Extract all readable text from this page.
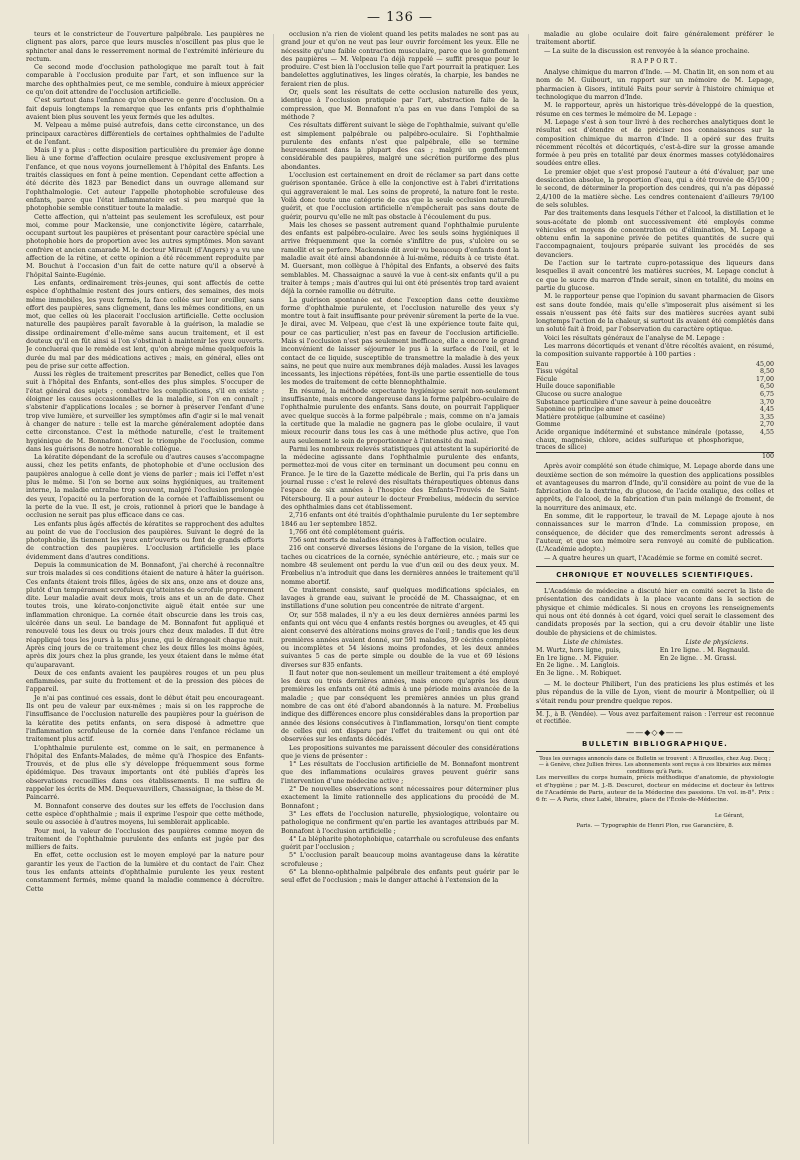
— 136 —

teurs et le constricteur de l'ouverture palpébrale. Les paupières ne clignent pas alors, parce que leurs muscles n'oscillent pas plus que le sphincter anal dans le resserrement normal de l'extrémité inférieure du rectum.

Ce second mode d'occlusion pathologique me paraît tout à fait comparable à l'occlusion produite par l'art, et son influence sur la marche des ophthalmies peut, ce me semble, conduire à mieux apprécier ce qu'on doit attendre de l'occlusion artificielle.

C'est surtout dans l'enfance qu'on observe ce genre d'occlusion. On a fait depuis longtemps la remarque que les enfants pris d'ophthalmie avaient bien plus souvent les yeux fermés que les adultes.

M. Velpeau a même puisé autrefois, dans cette circonstance, un des principaux caractères différentiels de certaines ophthalmies de l'adulte et de l'enfant.

Mais il y a plus : cette disposition particulière du premier âge donne lieu à une forme d'affection oculaire presque exclusivement propre à l'enfance, et que nous voyons journellement à l'hôpital des Enfants. Les traités classiques en font à peine mention. Cependant cette affection a été décrite dès 1823 par Benedict dans un ouvrage allemand sur l'ophthalmologie. Cet auteur l'appelle photophobie scrofuleuse des enfants, parce que l'état inflammatoire est si peu marqué que la photophobie semble constituer toute la maladie.

Cette affection, qui n'atteint pas seulement les scrofuleux, est pour moi, comme pour Mackensie, une conjonctivite légère, catarrhale, occupant surtout les paupières et présentant pour caractère spécial une photophobie hors de proportion avec les autres symptômes. Mon savant confrère et ancien camarade M. le docteur Mirault (d'Angers) y a vu une affection de la rétine, et cette opinion a été récemment reproduite par M. Bouchut à l'occasion d'un fait de cette nature qu'il a observé à l'hôpital Sainte-Eugénie.

Les enfants, ordinairement très-jeunes, qui sont affectés de cette espèce d'ophthalmie restent des jours entiers, des semaines, des mois même immobiles, les yeux fermés, la face collée sur leur oreiller, sans effort des paupières, sans clignement, dans les mêmes conditions, en un mot, que celles où les placerait l'occlusion artificielle. Cette occlusion naturelle des paupières paraît favorable à la guérison, la maladie se dissipe ordinairement d'elle-même sans aucun traitement, et il est douteux qu'il en fût ainsi si l'on s'obstinait à maintenir les yeux ouverts. Je concluerai que le remède est lent, qu'on abrège même quelquefois la durée du mal par des médications actives ; mais, en général, elles ont peu de prise sur cette affection.

Aussi les règles de traitement prescrites par Benedict, celles que l'on suit à l'hôpital des Enfants, sont-elles des plus simples. S'occuper de l'état général des sujets ; combattre les complications, s'il en existe ; éloigner les causes occasionnelles de la maladie, si l'on en connaît ; s'abstenir d'applications locales ; se borner à préserver l'enfant d'une trop vive lumière, et surveiller les symptômes afin d'agir si le mal venait à changer de nature : telle est la marche généralement adoptée dans cette circonstance. C'est la méthode naturelle, c'est le traitement hygiénique de M. Bonnafont. C'est le triomphe de l'occlusion, comme dans les guérisons de notre honorable collègue.

La kératite dépendant de la scrofule ou d'autres causes s'accompagne aussi, chez les petits enfants, de photophobie et d'une occlusion des paupières analogue à celle dont je viens de parler ; mais ici l'effet n'est plus le même. Si l'on se borne aux soins hygiéniques, au traitement interne, la maladie entraîne trop souvent, malgré l'occlusion prolongée des yeux, l'opacité ou la perforation de la cornée et l'affaiblissement ou la perte de la vue. Il est, je crois, rationnel à priori que le bandage à occlusion ne serait pas plus efficace dans ce cas.

Les enfants plus âgés affectés de kératites se rapprochent des adultes au point de vue de l'occlusion des paupières. Suivant le degré de la photophobie, ils tiennent les yeux entr'ouverts ou font de grands efforts de contraction des paupières. L'occlusion artificielle les place évidemment dans d'autres conditions.

Depuis la communication de M. Bonnafont, j'ai cherché à reconnaître sur trois malades si ces conditions étaient de nature à hâter la guérison. Ces enfants étaient trois filles, âgées de six ans, onze ans et douze ans, plutôt d'un tempérament scrofuleux qu'atteintes de scrofule proprement dite. Leur maladie avait deux mois, trois ans et un an de date. Chez toutes trois, une kérato-conjonctivite aiguë était entée sur une inflammation chronique. La cornée était obscurcie dans les trois cas, ulcérée dans un seul. Le bandage de M. Bonnafont fut appliqué et renouvelé tous les deux ou trois jours chez deux malades. Il dut être réappliqué tous les jours à la plus jeune, qui le dérangeait chaque nuit. Après cinq jours de ce traitement chez les deux filles les moins âgées, après dix jours chez la plus grande, les yeux étaient dans le même état qu'auparavant.

Deux de ces enfants avaient les paupières rouges et un peu plus enflammées, par suite du frottement et de la pression des pièces de l'appareil.

Je n'ai pas continué ces essais, dont le début était peu encourageant. Ils ont peu de valeur par eux-mêmes ; mais si on les rapproche de l'insuffisance de l'occlusion naturelle des paupières pour la guérison de la kératite des petits enfants, on sera disposé à admettre que l'inflammation scrofuleuse de la cornée dans l'enfance réclame un traitement plus actif.

L'ophthalmie purulente est, comme on le sait, en permanence à l'hôpital des Enfants-Malades, de même qu'à l'hospice des Enfants-Trouvés, et de plus elle s'y développe fréquemment sous forme épidémique. Des travaux importants ont été publiés d'après les observations recueillies dans ces établissements. Il me suffira de rappeler les écrits de MM. Dequevauvillers, Chassaignac, la thèse de M. Paincarré.

M. Bonnafont conserve des doutes sur les effets de l'occlusion dans cette espèce d'ophthalmie ; mais il exprime l'espoir que cette méthode, seule ou associée à d'autres moyens, lui semblerait applicable.

Pour moi, la valeur de l'occlusion des paupières comme moyen de traitement de l'ophthalmie purulente des enfants est jugée par des milliers de faits.

En effet, cette occlusion est le moyen employé par la nature pour garantir les yeux de l'action de la lumière et du contact de l'air. Chez tous les enfants atteints d'ophthalmie purulente les yeux restent constamment fermés, même quand la maladie commence à décroître. Cette

occlusion n'a rien de violent quand les petits malades ne sont pas au grand jour et qu'on ne veut pas leur ouvrir forcément les yeux. Elle ne nécessite qu'une faible contraction musculaire, parce que le gonflement des paupières — M. Velpeau l'a déjà rappelé — suffit presque pour le produire. C'est bien là l'occlusion telle que l'art pourrait la pratiquer. Les bandelettes agglutinatives, les linges cératés, la charpie, les bandes ne feraient rien de plus.

Or, quels sont les résultats de cette occlusion naturelle des yeux, identique à l'occlusion pratiquée par l'art, abstraction faite de la compression, que M. Bonnafont n'a pas en vue dans l'emploi de sa méthode ?

Ces résultats diffèrent suivant le siège de l'ophthalmie, suivant qu'elle est simplement palpébrale ou palpébro-oculaire. Si l'ophthalmie purulente des enfants n'est que palpébrale, elle se termine heureusement dans la plupart des cas ; malgré un gonflement considérable des paupières, malgré une sécrétion puriforme des plus abondantes.

L'occlusion est certainement en droit de réclamer sa part dans cette guérison spontanée. Grâce à elle la conjonctive est à l'abri d'irritations qui aggraveraient le mal. Les soins de propreté, la nature font le reste. Voilà donc toute une catégorie de cas que la seule occlusion naturelle guérit, et que l'occlusion artificielle n'empêcherait pas sans doute de guérir, pourvu qu'elle ne mît pas obstacle à l'écoulement du pus.

Mais les choses se passent autrement quand l'ophthalmie purulente des enfants est palpébro-oculaire. Avec les seuls soins hygiéniques il arrive fréquemment que la cornée s'infiltre de pus, s'ulcère ou se ramollit et se perfore. Mackensie dit avoir vu beaucoup d'enfants dont la maladie avait été ainsi abandonnée à lui-même, réduits à ce triste état. M. Guersant, mon collègue à l'hôpital des Enfants, a observé des faits semblables. M. Chassaignac a sauvé la vue à cent-six enfants qu'il a pu traiter à temps ; mais d'autres qui lui ont été présentés trop tard avaient déjà la cornée ramollie ou détruite.

La guérison spontanée est donc l'exception dans cette deuxième forme d'ophthalmie purulente, et l'occlusion naturelle des yeux s'y montre tout à fait insuffisante pour prévenir sûrement la perte de la vue. Je dirai, avec M. Velpeau, que c'est là une expérience toute faite qui, pour ce cas particulier, n'est pas en faveur de l'occlusion artificielle. Mais si l'occlusion n'est pas seulement inefficace, elle a encore le grand inconvénient de laisser séjourner le pus à la surface de l'œil, et le contact de ce liquide, susceptible de transmettre la maladie à des yeux sains, ne peut que nuire aux membranes déjà malades. Aussi les lavages incessants, les injections répétées, font-ils une partie essentielle de tous les modes de traitement de cette blennophthalmie.

En résumé, la méthode expectante hygiénique serait non-seulement insuffisante, mais encore dangereuse dans la forme palpébro-oculaire de l'ophthalmie purulente des enfants. Sans doute, on pourrait l'appliquer avec quelque succès à la forme palpébrale ; mais, comme on n'a jamais la certitude que la maladie ne gagnera pas le globe oculaire, il vaut mieux recourir dans tous les cas à une méthode plus active, que l'on aura seulement le soin de proportionner à l'intensité du mal.

Parmi les nombreux relevés statistiques qui attestent la supériorité de la médecine agissante dans l'ophthalmie purulente des enfants, permettez-moi de vous citer en terminant un document peu connu en France. Je le tire de la Gazette médicale de Berlin, qui l'a pris dans un journal russe : c'est le relevé des résultats thérapeutiques obtenus dans l'espace de six années à l'hospice des Enfants-Trouvés de Saint-Pétersbourg. Il a pour auteur le docteur Frœbelius, médecin du service des ophthalmies dans cet établissement.

2,716 enfants ont été traités d'ophthalmie purulente du 1er septembre 1846 au 1er septembre 1852.

1,766 ont été complétement guéris.

756 sont morts de maladies étrangères à l'affection oculaire.

216 ont conservé diverses lésions de l'organe de la vision, telles que taches ou cicatrices de la cornée, synéchie antérieure, etc. ; mais sur ce nombre 48 seulement ont perdu la vue d'un œil ou des deux yeux. M. Frœbelius n'a introduit que dans les dernières années le traitement qu'il nomme abortif.

Ce traitement consiste, sauf quelques modifications spéciales, en lavages à grande eau, suivant le procédé de M. Chassaignac, et en instillations d'une solution peu concentrée de nitrate d'argent.

Or, sur 558 malades, il n'y a eu les deux dernières années parmi les enfants qui ont vécu que 4 enfants restés borgnes ou aveugles, et 45 qui aient conservé des altérations moins graves de l'œil ; tandis que les deux premières années avaient donné, sur 591 malades, 39 cécités complètes ou incomplètes et 54 lésions moins profondes, et les deux années suivantes 5 cas de perte simple ou double de la vue et 69 lésions diverses sur 835 enfants.

Il faut noter que non-seulement un meilleur traitement a été employé les deux ou trois dernières années, mais encore qu'après les deux premières les enfants ont été admis à une période moins avancée de la maladie ; que par conséquent les premières années un plus grand nombre de cas ont été d'abord abandonnés à la nature. M. Frœbelius indique des différences encore plus considérables dans la proportion par année des lésions consécutives à l'inflammation, lorsqu'on tient compte de celles qui ont disparu par l'effet du traitement ou qui ont été observées sur les enfants décédés.

Les propositions suivantes me paraissent découler des considérations que je viens de présenter :

1° Les résultats de l'occlusion artificielle de M. Bonnafont montrent que des inflammations oculaires graves peuvent guérir sans l'intervention d'une médecine active ;

2° De nouvelles observations sont nécessaires pour déterminer plus exactement la limite rationnelle des applications du procédé de M. Bonnafont ;

3° Les effets de l'occlusion naturelle, physiologique, volontaire ou pathologique ne confirment qu'en partie les avantages attribués par M. Bonnafont à l'occlusion artificielle ;

4° La blépharite photophobique, catarrhale ou scrofuleuse des enfants guérit par l'occlusion ;

5° L'occlusion paraît beaucoup moins avantageuse dans la kératite scrofuleuse ;

6° La blenno-ophthalmie palpébrale des enfants peut guérir par le seul effet de l'occlusion ; mais le danger attaché à l'extension de la

maladie au globe oculaire doit faire généralement préférer le traitement abortif.

— La suite de la discussion est renvoyée à la séance prochaine.

RAPPORT.

Analyse chimique du marron d'Inde. — M. Chatin lit, en son nom et au nom de M. Guibourt, un rapport sur un mémoire de M. Lepage, pharmacien à Gisors, intitulé Faits pour servir à l'histoire chimique et technologique du marron d'Inde.

M. le rapporteur, après un historique très-développé de la question, résume en ces termes le mémoire de M. Lepage :

M. Lepage s'est à son tour livré à des recherches analytiques dont le résultat est d'étendre et de préciser nos connaissances sur la composition chimique du marron d'Inde. Il a opéré sur des fruits récemment récoltés et décortiqués, c'est-à-dire sur la grosse amande formée à peu près en totalité par deux énormes masses cotylédonaires soudées entre elles.

Le premier objet que s'est proposé l'auteur a été d'évaluer, par une dessiccation absolue, la proportion d'eau, qui a été trouvée de 45/100 ; le second, de déterminer la proportion des cendres, qui n'a pas dépassé 2,4/100 de la matière sèche. Les cendres contenaient d'ailleurs 79/100 de sels solubles.

Par des traitements dans lesquels l'éther et l'alcool, la distillation et le sous-acétate de plomb ont successivement été employés comme véhicules et moyens de concentration ou d'élimination, M. Lepage a obtenu enfin la saponine privée de petites quantités de sucre qui l'accompagnaient, toujours préparée suivant les procédés de ses devanciers.

De l'action sur le tartrate cupro-potassique des liqueurs dans lesquelles il avait concentré les matières sucrées, M. Lepage conclut à ce que le sucre du marron d'Inde serait, sinon en totalité, du moins en partie du glucose.

M. le rapporteur pense que l'opinion du savant pharmacien de Gisors est sans doute fondée, mais qu'elle s'imposerait plus aisément si les essais n'eussent pas été faits sur des matières sucrées ayant subi longtemps l'action de la chaleur, si surtout ils avaient été complétés dans un soluté fait à froid, par l'observation du caractère optique.

Voici les résultats généraux de l'analyse de M. Lepage :

Les marrons décortiqués et venant d'être récoltés avaient, en résumé, la composition suivante rapportée à 100 parties :

Eau	45,00
Tissu végétal	8,50
Fécule	17,00
Huile douce saponifiable	6,50
Glucose ou sucre analogue	6,75
Substance particulière d'une saveur à peine douceâtre	3,70
Saponine ou principe amer	4,45
Matière protéique (albumine et caséine)	3,35
Gomme	2,70
Acide organique indéterminé et substance minérale (potasse, chaux, magnésie, chlore, acides sulfurique et phosphorique, traces de silice)	4,55
	100

Après avoir complété son étude chimique, M. Lepage aborde dans une deuxième section de son mémoire la question des applications possibles et avantageuses du marron d'Inde, qu'il considère au point de vue de la fabrication de la dextrine, du glucose, de l'acide oxalique, des colles et apprêts, de l'alcool, de la fabrication d'un pain mélangé de froment, de la nourriture des animaux, etc.

En somme, dit le rapporteur, le travail de M. Lepage ajoute à nos connaissances sur le marron d'Inde. La commission propose, en conséquence, de décider que des remercîments seront adressés à l'auteur, et que son mémoire sera renvoyé au comité de publication. (L'Académie adopte.)

— A quatre heures un quart, l'Académie se forme en comité secret.

CHRONIQUE ET NOUVELLES SCIENTIFIQUES.

L'Académie de médecine a discuté hier en comité secret la liste de présentation des candidats à la place vacante dans la section de physique et chimie médicales. Si nous en croyons les renseignements qui nous ont été donnés à cet égard, voici quel serait le classement des candidats proposés par la section, qui a cru devoir établir une liste double de physiciens et de chimistes.

Liste de chimistes.
M. Wurtz, hors ligne, puis,
En 1re ligne. . M. Figuier.
En 2e ligne. . M. Langlois.
En 3e ligne. . M. Robiquet.
Liste de physiciens.
En 1re ligne. . M. Regnauld.
En 2e ligne. . M. Grassi.

— M. le docteur Philibert, l'un des praticiens les plus estimés et les plus répandus de la ville de Lyon, vient de mourir à Montpellier, où il s'était rendu pour prendre quelque repos.

M. J., à B. (Vendée). — Vous avez parfaitement raison : l'erreur est reconnue et rectifiée.

——◆◇◆——
BULLETIN BIBLIOGRAPHIQUE.

Tous les ouvrages annoncés dans ce Bulletin se trouvent : A Bruxelles, chez Aug. Decq ; — à Genève, chez Jullien frères. Les abonnements sont reçus à ces librairies aux mêmes conditions qu'à Paris.

Les merveilles du corps humain, précis méthodique d'anatomie, de physiologie et d'hygiène ; par M. J.-B. Descuret, docteur en médecine et docteur ès lettres de l'Académie de Paris, auteur de la Médecine des passions. Un vol. in-8°. Prix : 6 fr. — A Paris, chez Labé, libraire, place de l'École-de-Médecine.

Le Gérant,
Paris. — Typographie de Henri Plon, rue Garancière, 8.
